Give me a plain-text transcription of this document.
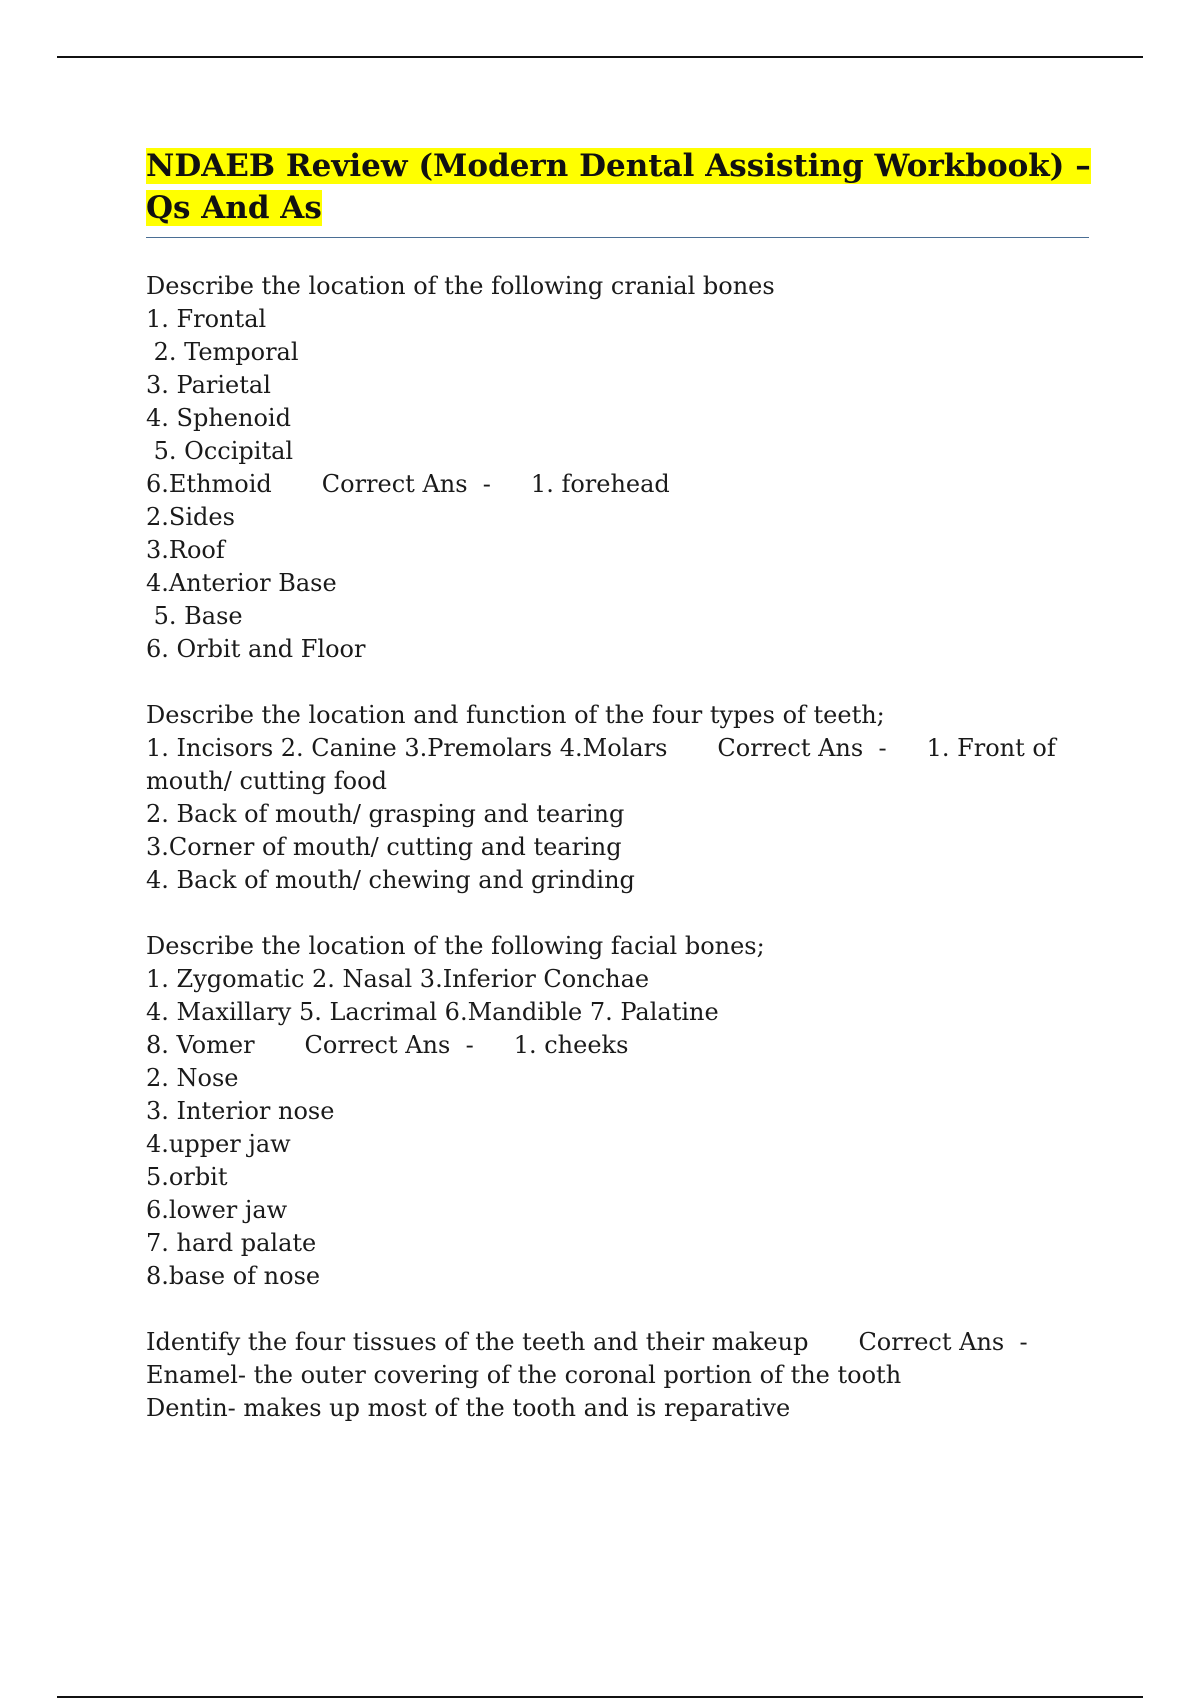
NDAEB Review (Modern Dental Assisting Workbook) –
Qs And As
Describe the location of the following cranial bones
1. Frontal
2. Temporal
3. Parietal
4. Sphenoid
5. Occipital
6.Ethmoid Correct Ans  - 1. forehead
2.Sides
3.Roof
4.Anterior Base
5. Base
6. Orbit and Floor
Describe the location and function of the four types of teeth;
1. Incisors 2. Canine 3.Premolars 4.Molars Correct Ans  - 1. Front of
mouth/ cutting food
2. Back of mouth/ grasping and tearing
3.Corner of mouth/ cutting and tearing
4. Back of mouth/ chewing and grinding
Describe the location of the following facial bones;
1. Zygomatic 2. Nasal 3.Inferior Conchae
4. Maxillary 5. Lacrimal 6.Mandible 7. Palatine
8. Vomer Correct Ans  - 1. cheeks
2. Nose
3. Interior nose
4.upper jaw
5.orbit
6.lower jaw
7. hard palate
8.base of nose
Identify the four tissues of the teeth and their makeup Correct Ans  -
Enamel- the outer covering of the coronal portion of the tooth
Dentin- makes up most of the tooth and is reparative
